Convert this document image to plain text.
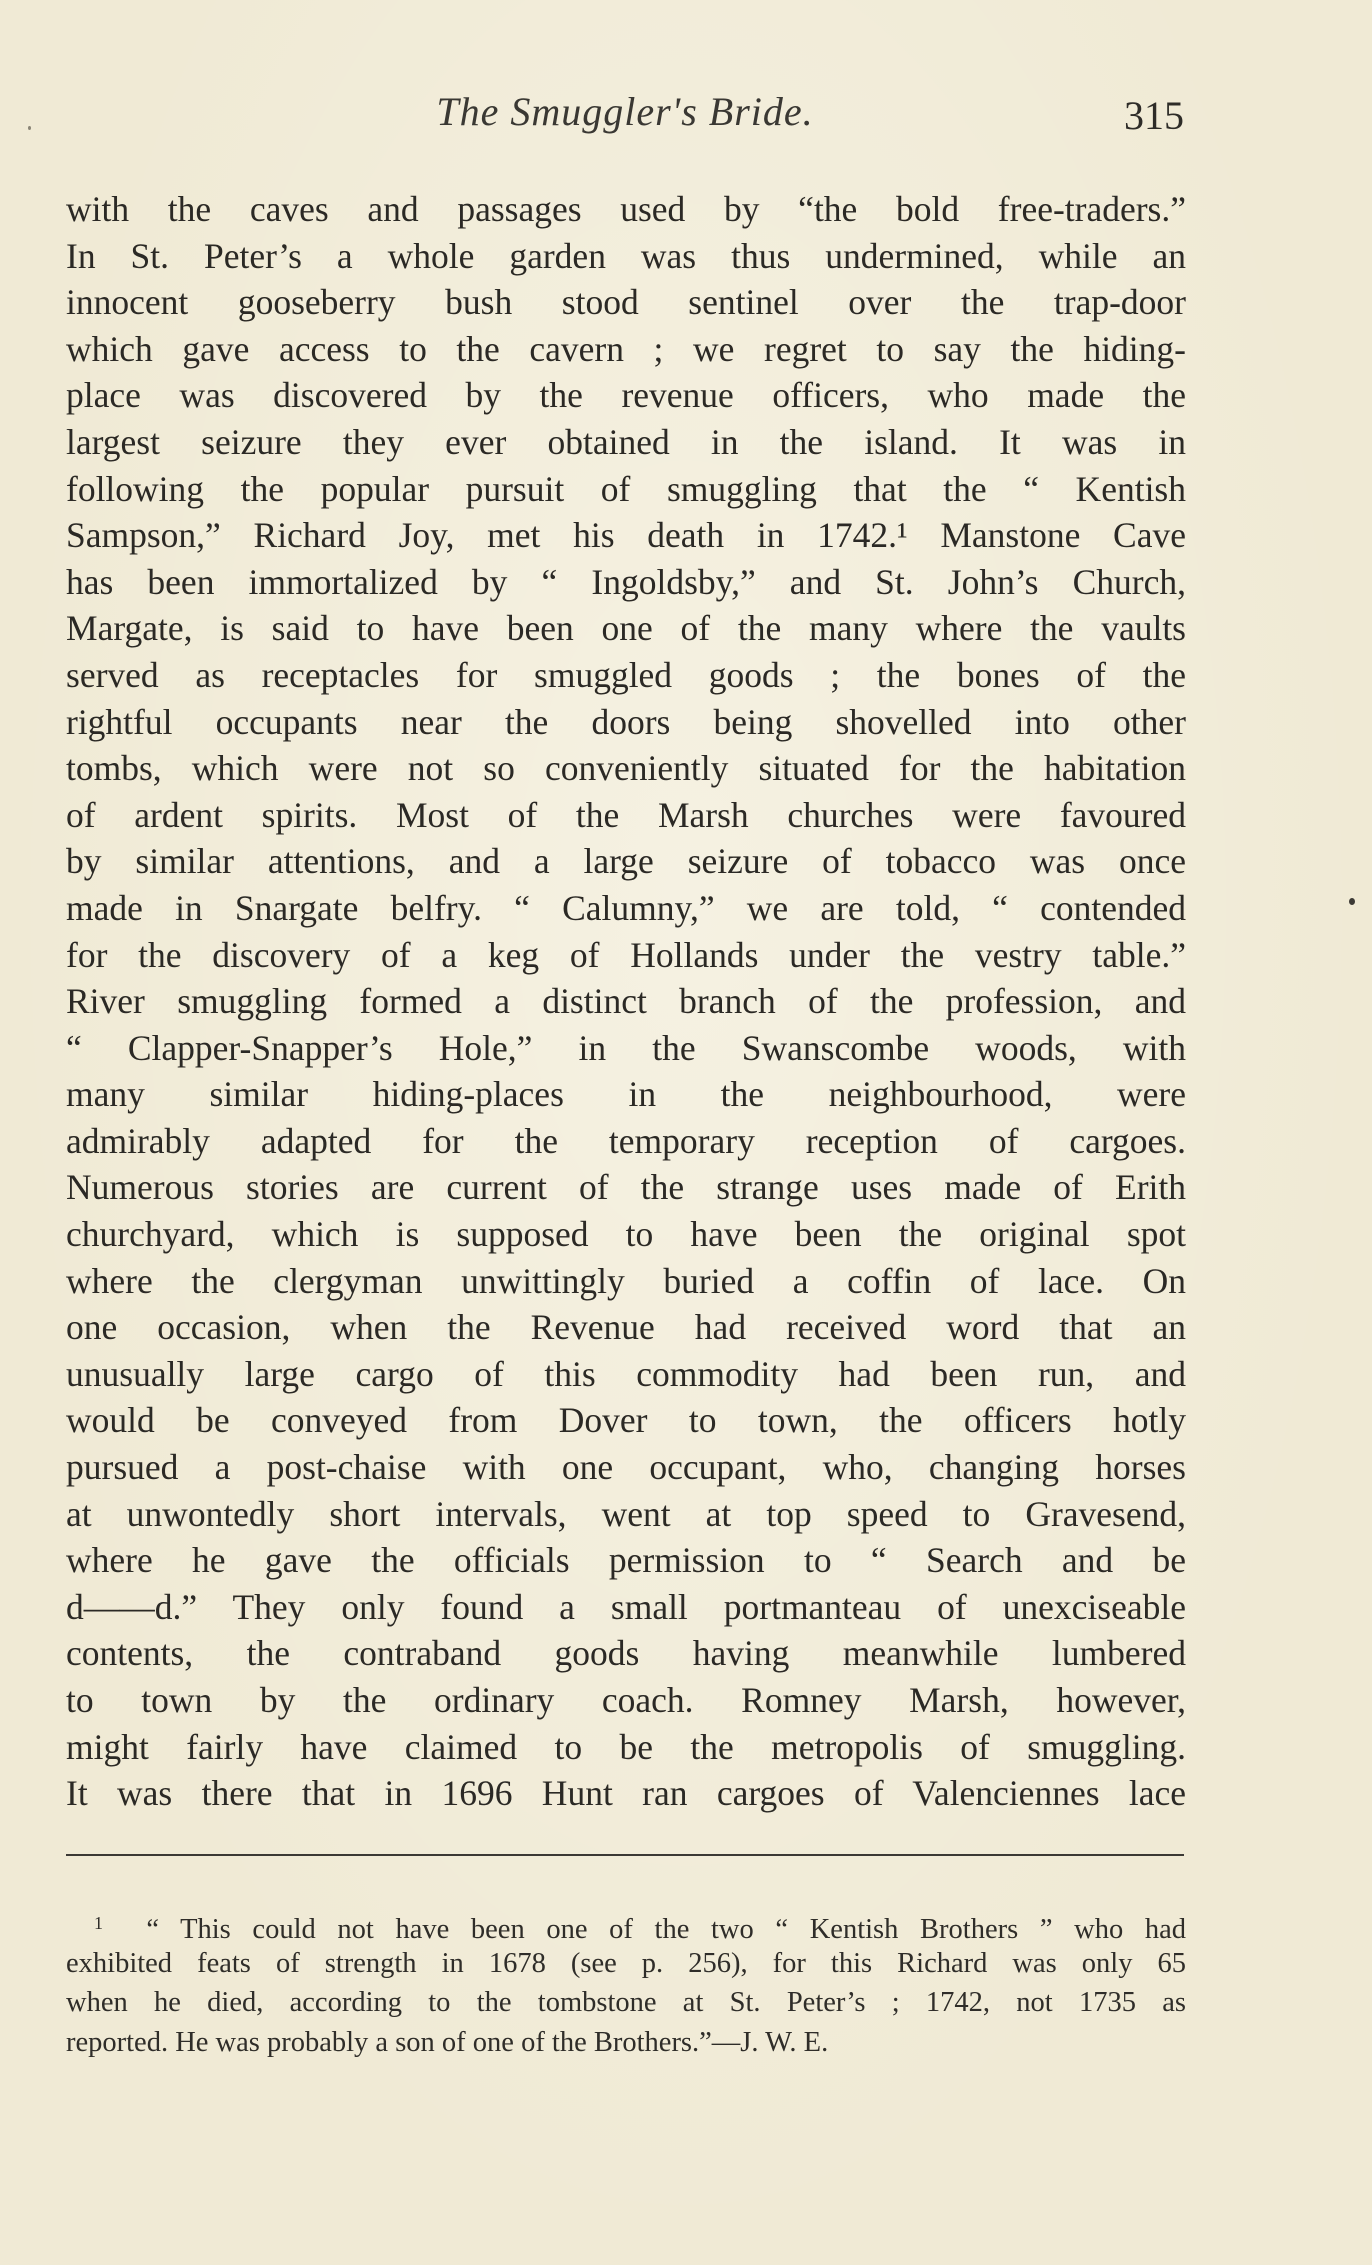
The Smuggler's Bride.	315
with the caves and passages used by “the bold free-traders.”
In St. Peter’s a whole garden was thus undermined, while an
innocent gooseberry bush stood sentinel over the trap-door
which gave access to the cavern ; we regret to say the hiding-
place was discovered by the revenue officers, who made the
largest seizure they ever obtained in the island. It was in
following the popular pursuit of smuggling that the “ Kentish
Sampson,” Richard Joy, met his death in 1742.¹ Manstone Cave
has been immortalized by “ Ingoldsby,” and St. John’s Church,
Margate, is said to have been one of the many where the vaults
served as receptacles for smuggled goods ; the bones of the
rightful occupants near the doors being shovelled into other
tombs, which were not so conveniently situated for the habitation
of ardent spirits. Most of the Marsh churches were favoured
by similar attentions, and a large seizure of tobacco was once
made in Snargate belfry. “ Calumny,” we are told, “ contended
for the discovery of a keg of Hollands under the vestry table.”
River smuggling formed a distinct branch of the profession, and
“ Clapper-Snapper’s Hole,” in the Swanscombe woods, with
many similar hiding-places in the neighbourhood, were
admirably adapted for the temporary reception of cargoes.
Numerous stories are current of the strange uses made of Erith
churchyard, which is supposed to have been the original spot
where the clergyman unwittingly buried a coffin of lace. On
one occasion, when the Revenue had received word that an
unusually large cargo of this commodity had been run, and
would be conveyed from Dover to town, the officers hotly
pursued a post-chaise with one occupant, who, changing horses
at unwontedly short intervals, went at top speed to Gravesend,
where he gave the officials permission to “ Search and be
d——d.” They only found a small portmanteau of unexciseable
contents, the contraband goods having meanwhile lumbered
to town by the ordinary coach. Romney Marsh, however,
might fairly have claimed to be the metropolis of smuggling.
It was there that in 1696 Hunt ran cargoes of Valenciennes lace
$^1$ “ This could not have been one of the two “ Kentish Brothers ” who had
exhibited feats of strength in 1678 (see p. 256), for this Richard was only 65
when he died, according to the tombstone at St. Peter’s ; 1742, not 1735 as
reported. He was probably a son of one of the Brothers.”—J. W. E.
